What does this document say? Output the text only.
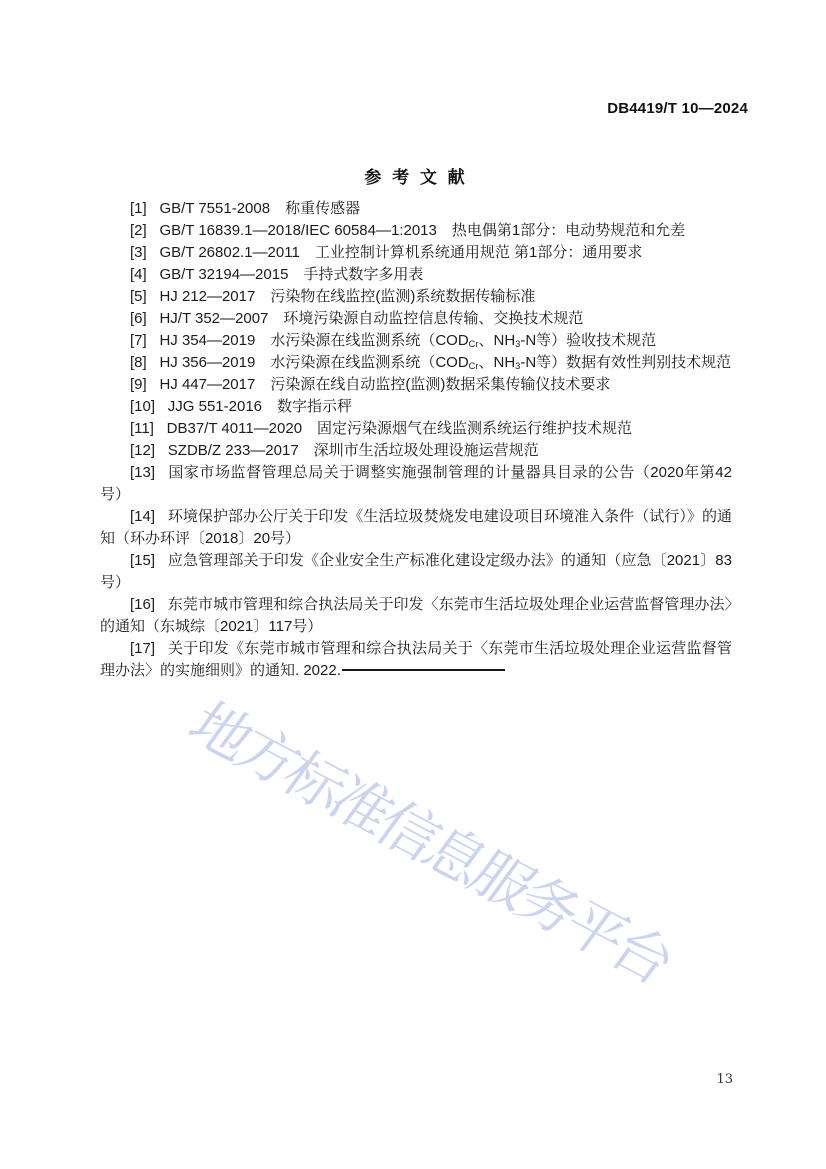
DB4419/T 10—2024
地方标准信息服务平台
参 考 文 献

[1] GB/T 7551-2008　称重传感器

[2] GB/T 16839.1—2018/IEC 60584—1:2013　热电偶第1部分：电动势规范和允差

[3] GB/T 26802.1—2011　工业控制计算机系统通用规范 第1部分：通用要求

[4] GB/T 32194—2015　手持式数字多用表

[5] HJ 212—2017　污染物在线监控(监测)系统数据传输标准

[6] HJ/T 352—2007　环境污染源自动监控信息传输、交换技术规范

[7] HJ 354—2019　水污染源在线监测系统（$COD_{Cr}$、$NH_3-N$等）验收技术规范

[8] HJ 356—2019　水污染源在线监测系统（$COD_{Cr}$、$NH_3-N$等）数据有效性判别技术规范

[9] HJ 447—2017　污染源在线自动监控(监测)数据采集传输仪技术要求

[10] JJG 551-2016　数字指示秤

[11] DB37/T 4011—2020　固定污染源烟气在线监测系统运行维护技术规范

[12] SZDB/Z 233—2017　深圳市生活垃圾处理设施运营规范

[13] 国家市场监督管理总局关于调整实施强制管理的计量器具目录的公告（2020年第42号）

[14] 环境保护部办公厅关于印发《生活垃圾焚烧发电建设项目环境准入条件（试行）》的通知（环办环评〔2018〕20号）

[15] 应急管理部关于印发《企业安全生产标准化建设定级办法》的通知（应急〔2021〕83号）

[16] 东莞市城市管理和综合执法局关于印发〈东莞市生活垃圾处理企业运营监督管理办法〉的通知（东城综〔2021〕117号）

[17] 关于印发《东莞市城市管理和综合执法局关于〈东莞市生活垃圾处理企业运营监督管理办法〉的实施细则》的通知. 2022.

13
